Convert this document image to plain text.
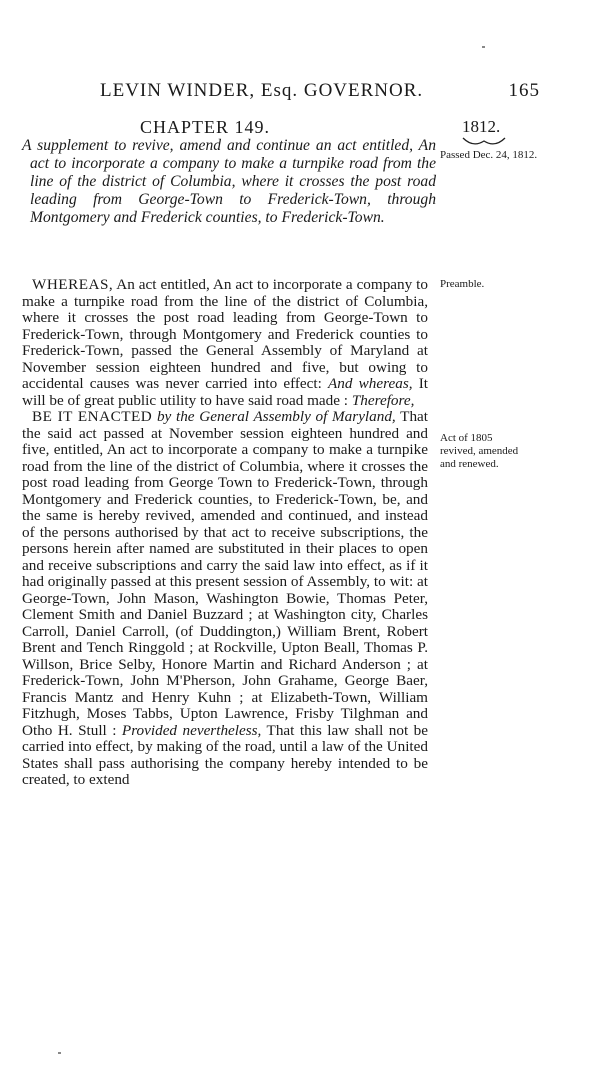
LEVIN WINDER, Esq. GOVERNOR.	165
CHAPTER 149.	1812.
Passed Dec. 24, 1812.
Preamble.
Act of 1805 revived, amended and renewed.
A supplement to revive, amend and continue an act entitled, An act to incorporate a company to make a turnpike road from the line of the district of Columbia, where it crosses the post road leading from George-Town to Frederick-Town, through Montgomery and Frederick counties, to Frederick-Town.

WHEREAS, An act entitled, An act to incorporate a company to make a turnpike road from the line of the district of Columbia, where it crosses the post road leading from George-Town to Frederick-Town, through Montgomery and Frederick counties to Frederick-Town, passed the General Assembly of Maryland at November session eighteen hundred and five, but owing to accidental causes was never carried into effect: And whereas, It will be of great public utility to have said road made : Therefore,

BE IT ENACTED by the General Assembly of Maryland, That the said act passed at November session eighteen hundred and five, entitled, An act to incorporate a company to make a turnpike road from the line of the district of Columbia, where it crosses the post road leading from George Town to Frederick-Town, through Montgomery and Frederick counties, to Frederick-Town, be, and the same is hereby revived, amended and continued, and instead of the persons authorised by that act to receive subscriptions, the persons herein after named are substituted in their places to open and receive subscriptions and carry the said law into effect, as if it had originally passed at this present session of Assembly, to wit: at George-Town, John Mason, Washington Bowie, Thomas Peter, Clement Smith and Daniel Buzzard ; at Washington city, Charles Carroll, Daniel Carroll, (of Duddington,) William Brent, Robert Brent and Tench Ringgold ; at Rockville, Upton Beall, Thomas P. Willson, Brice Selby, Honore Martin and Richard Anderson ; at Frederick-Town, John M'Pherson, John Grahame, George Baer, Francis Mantz and Henry Kuhn ; at Elizabeth-Town, William Fitzhugh, Moses Tabbs, Upton Lawrence, Frisby Tilghman and Otho H. Stull : Provided nevertheless, That this law shall not be carried into effect, by making of the road, until a law of the United States shall pass authorising the company hereby intended to be created, to extend
